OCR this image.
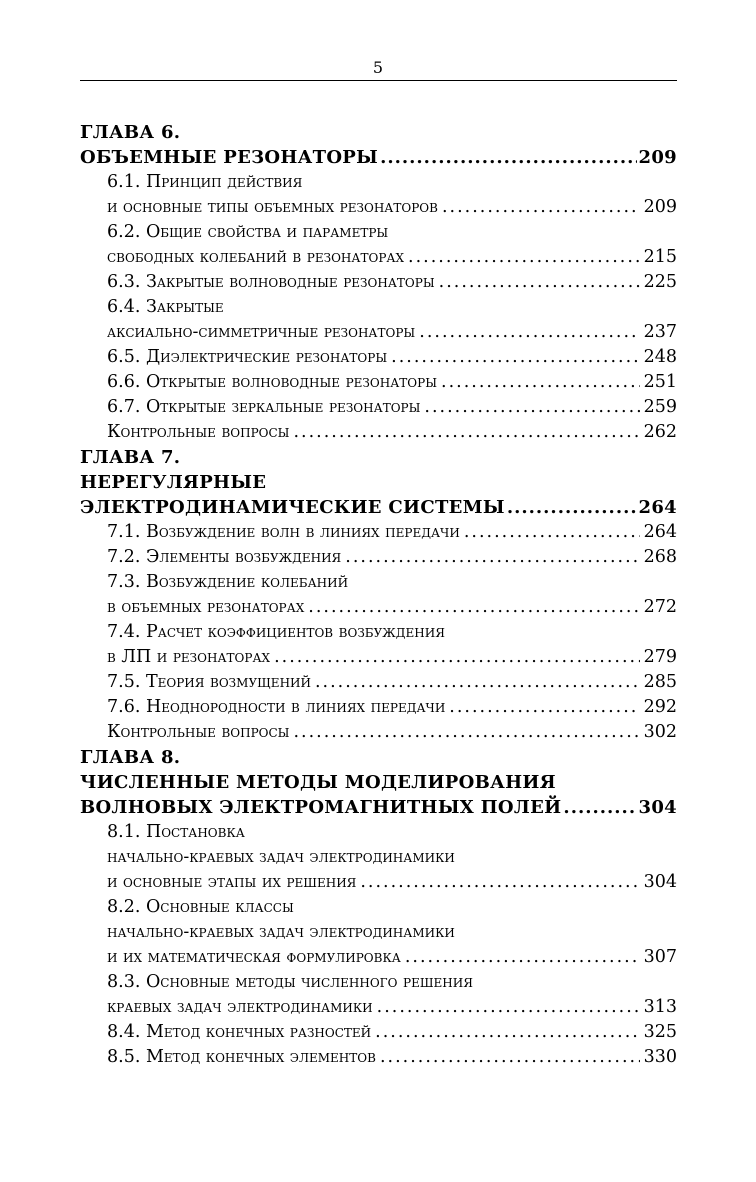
5
ГЛАВА 6.
ОБЪЕМНЫЕ РЕЗОНАТОРЫ .....	209
6.1. Принцип действия
и основные типы объемных резонаторов .....	209
6.2. Общие свойства и параметры
свободных колебаний в резонаторах .....	215
6.3. Закрытые волноводные резонаторы .....	225
6.4. Закрытые
аксиально-симметричные резонаторы .....	237
6.5. Диэлектрические резонаторы .....	248
6.6. Открытые волноводные резонаторы .....	251
6.7. Открытые зеркальные резонаторы .....	259
Контрольные вопросы .....	262
ГЛАВА 7.
НЕРЕГУЛЯРНЫЕ
ЭЛЕКТРОДИНАМИЧЕСКИЕ СИСТЕМЫ .....	264
7.1. Возбуждение волн в линиях передачи .....	264
7.2. Элементы возбуждения .....	268
7.3. Возбуждение колебаний
в объемных резонаторах .....	272
7.4. Расчет коэффициентов возбуждения
в ЛП и резонаторах .....	279
7.5. Теория возмущений .....	285
7.6. Неоднородности в линиях передачи .....	292
Контрольные вопросы .....	302
ГЛАВА 8.
ЧИСЛЕННЫЕ МЕТОДЫ МОДЕЛИРОВАНИЯ
ВОЛНОВЫХ ЭЛЕКТРОМАГНИТНЫХ ПОЛЕЙ .....	304
8.1. Постановка
начально-краевых задач электродинамики
и основные этапы их решения .....	304
8.2. Основные классы
начально-краевых задач электродинамики
и их математическая формулировка .....	307
8.3. Основные методы численного решения
краевых задач электродинамики .....	313
8.4. Метод конечных разностей .....	325
8.5. Метод конечных элементов .....	330
